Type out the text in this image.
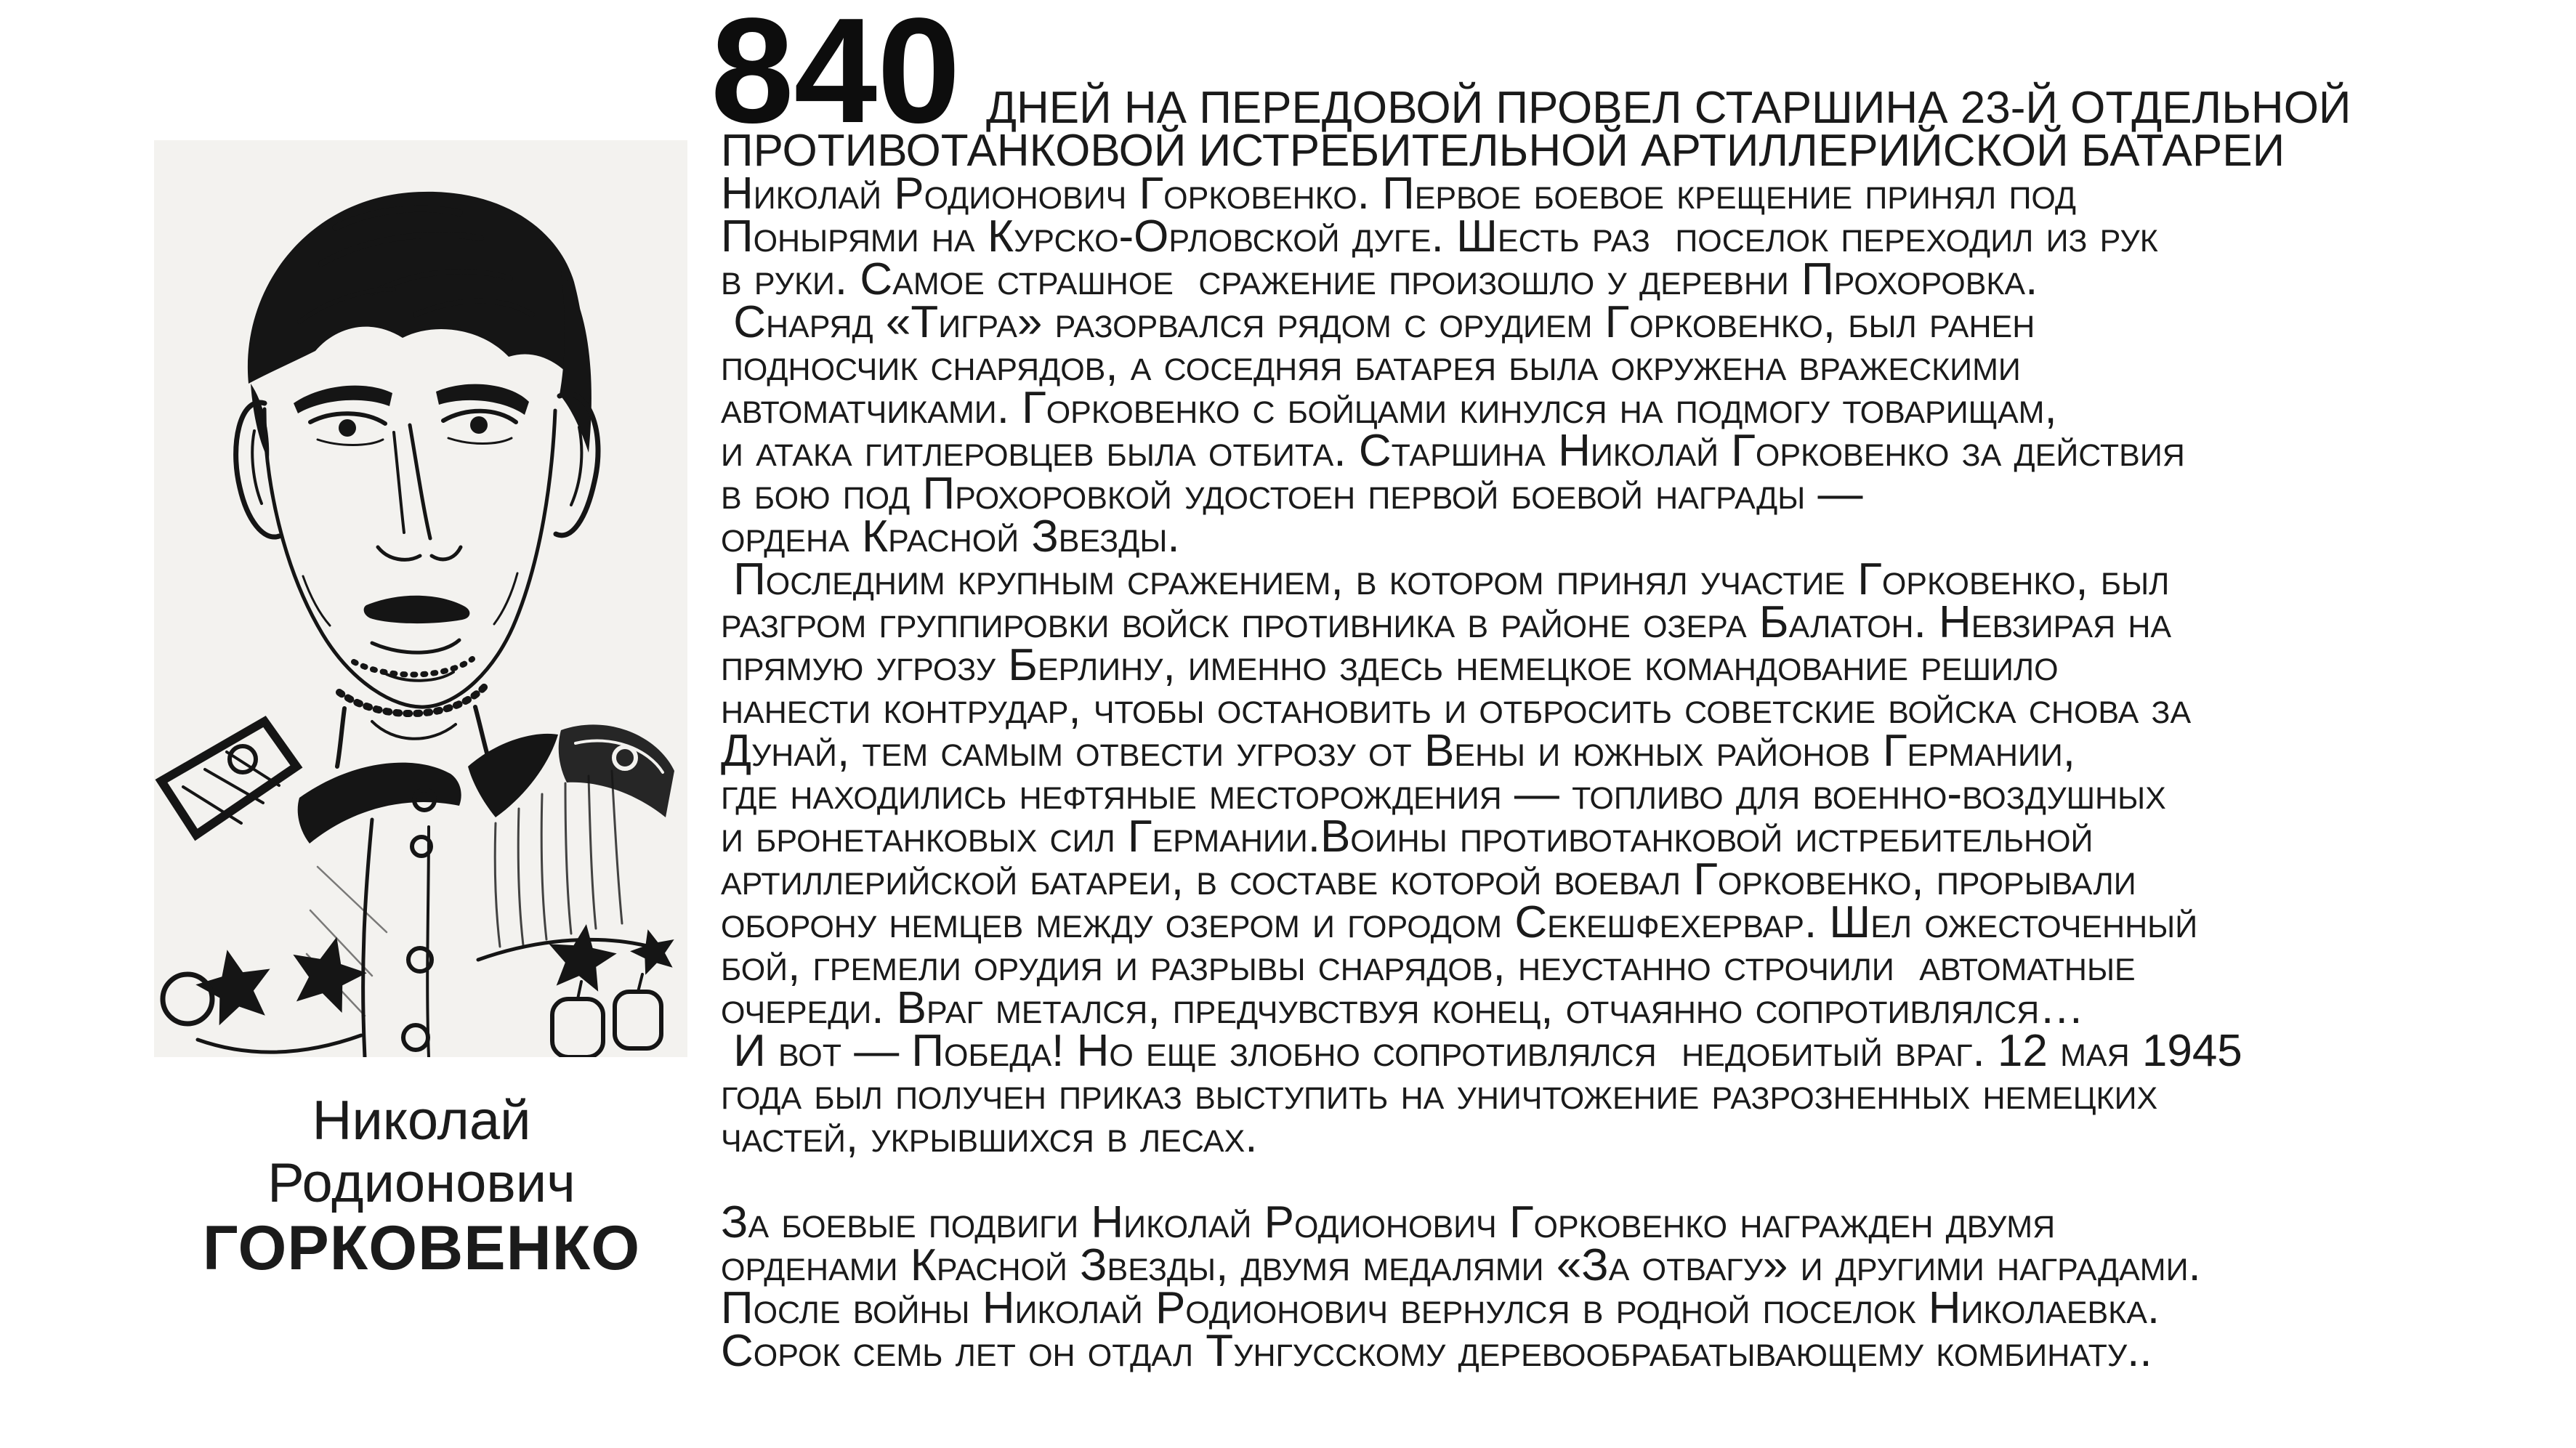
Николай
Родионович
ГОРКОВЕНКО
840 ДНЕЙ НА ПЕРЕДОВОЙ ПРОВЕЛ СТАРШИНА 23-Й ОТДЕЛЬНОЙ
ПРОТИВОТАНКОВОЙ ИСТРЕБИТЕЛЬНОЙ АРТИЛЛЕРИЙСКОЙ БАТАРЕИ
Николай Родионович Горковенко. Первое боевое крещение принял под
Понырями на Курско-Орловской дуге. Шесть раз  поселок переходил из рук
в руки. Самое страшное  сражение произошло у деревни Прохоровка.
Снаряд «Тигра» разорвался рядом с орудием Горковенко, был ранен
подносчик снарядов, а соседняя батарея была окружена вражескими
автоматчиками. Горковенко с бойцами кинулся на подмогу товарищам,
и атака гитлеровцев была отбита. Старшина Николай Горковенко за действия
в бою под Прохоровкой удостоен первой боевой награды —
ордена Красной Звезды.
Последним крупным сражением, в котором принял участие Горковенко, был
разгром группировки войск противника в районе озера Балатон. Невзирая на
прямую угрозу Берлину, именно здесь немецкое командование решило
нанести контрудар, чтобы остановить и отбросить советские войска снова за
Дунай, тем самым отвести угрозу от Вены и южных районов Германии,
где находились нефтяные месторождения — топливо для военно-воздушных
и бронетанковых сил Германии.Воины противотанковой истребительной
артиллерийской батареи, в составе которой воевал Горковенко, прорывали
оборону немцев между озером и городом Секешфехервар. Шел ожесточенный
бой, гремели орудия и разрывы снарядов, неустанно строчили  автоматные
очереди. Враг метался, предчувствуя конец, отчаянно сопротивлялся…
И вот — Победа! Но еще злобно сопротивлялся  недобитый враг. 12 мая 1945
года был получен приказ выступить на уничтожение разрозненных немецких
частей, укрывшихся в лесах.

За боевые подвиги Николай Родионович Горковенко награжден двумя
орденами Красной Звезды, двумя медалями «За отвагу» и другими наградами.
После войны Николай Родионович вернулся в родной поселок Николаевка.
Сорок семь лет он отдал Тунгусскому деревообрабатывающему комбинату..
